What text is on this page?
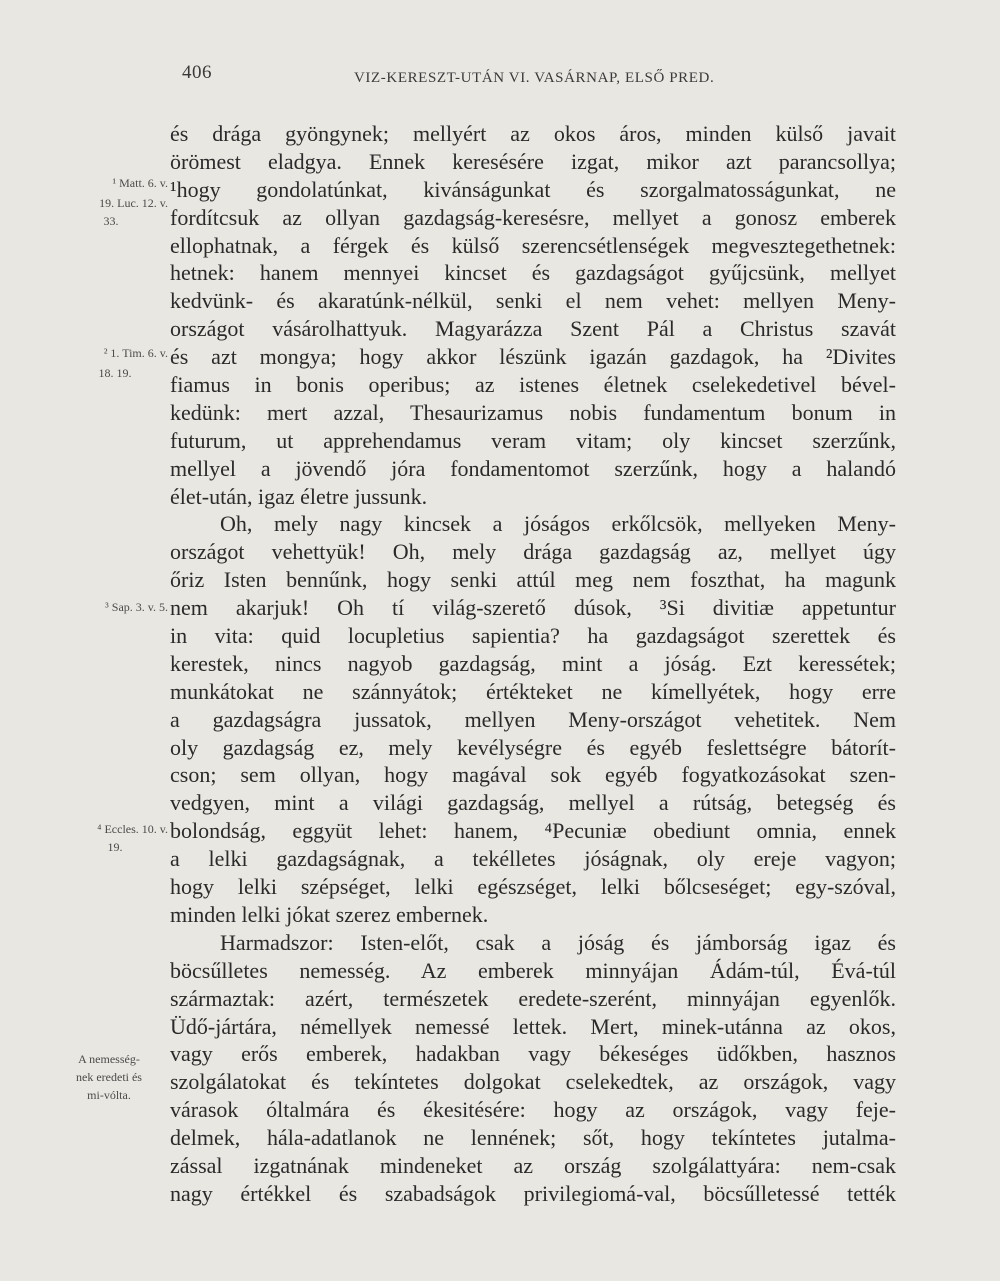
406	VIZ-KERESZT-UTÁN VI. VASÁRNAP, ELSŐ PRED.
¹ Matt. 6. v.
19. Luc. 12. v.
33.
² 1. Tim. 6. v.
18. 19.
³ Sap. 3. v. 5.
⁴ Eccles. 10. v.
19.
A nemesség-
nek eredeti és
mi-vólta.
és drága gyöngynek; mellyért az okos áros, minden külső javait
örömest eladgya. Ennek keresésére izgat, mikor azt parancsollya;
¹hogy gondolatúnkat, kivánságunkat és szorgalmatosságunkat, ne
fordítcsuk az ollyan gazdagság-keresésre, mellyet a gonosz emberek
ellophatnak, a férgek és külső szerencsétlenségek megvesztegethetnek:
hetnek: hanem mennyei kincset és gazdagságot gyűjcsünk, mellyet
kedvünk- és akaratúnk-nélkül, senki el nem vehet: mellyen Meny-
országot vásárolhattyuk. Magyarázza Szent Pál a Christus szavát
és azt mongya; hogy akkor lészünk igazán gazdagok, ha ²Divites
fiamus in bonis operibus; az istenes életnek cselekedetivel bével-
kedünk: mert azzal, Thesaurizamus nobis fundamentum bonum in
futurum, ut apprehendamus veram vitam; oly kincset szerzűnk,
mellyel a jövendő jóra fondamentomot szerzűnk, hogy a halandó
élet-után, igaz életre jussunk.
Oh, mely nagy kincsek a jóságos erkőlcsök, mellyeken Meny-
országot vehettyük! Oh, mely drága gazdagság az, mellyet úgy
őriz Isten bennűnk, hogy senki attúl meg nem foszthat, ha magunk
nem akarjuk! Oh tí világ-szerető dúsok, ³Si divitiæ appetuntur
in vita: quid locupletius sapientia? ha gazdagságot szerettek és
kerestek, nincs nagyob gazdagság, mint a jóság. Ezt keressétek;
munkátokat ne szánnyátok; értékteket ne kímellyétek, hogy erre
a gazdagságra jussatok, mellyen Meny-országot vehetitek. Nem
oly gazdagság ez, mely kevélységre és egyéb feslettségre bátorít-
cson; sem ollyan, hogy magával sok egyéb fogyatkozásokat szen-
vedgyen, mint a világi gazdagság, mellyel a rútság, betegség és
bolondság, eggyüt lehet: hanem, ⁴Pecuniæ obediunt omnia, ennek
a lelki gazdagságnak, a tekélletes jóságnak, oly ereje vagyon;
hogy lelki szépséget, lelki egészséget, lelki bőlcseséget; egy-szóval,
minden lelki jókat szerez embernek.
Harmadszor: Isten-előt, csak a jóság és jámborság igaz és
böcsűlletes nemesség. Az emberek minnyájan Ádám-túl, Évá-túl
származtak: azért, természetek eredete-szerént, minnyájan egyenlők.
Üdő-jártára, némellyek nemessé lettek. Mert, minek-utánna az okos,
vagy erős emberek, hadakban vagy békeséges üdőkben, hasznos
szolgálatokat és tekíntetes dolgokat cselekedtek, az országok, vagy
várasok óltalmára és ékesitésére: hogy az országok, vagy feje-
delmek, hála-adatlanok ne lennének; sőt, hogy tekíntetes jutalma-
zással izgatnának mindeneket az ország szolgálattyára: nem-csak
nagy értékkel és szabadságok privilegiomá-val, böcsűlletessé tették
